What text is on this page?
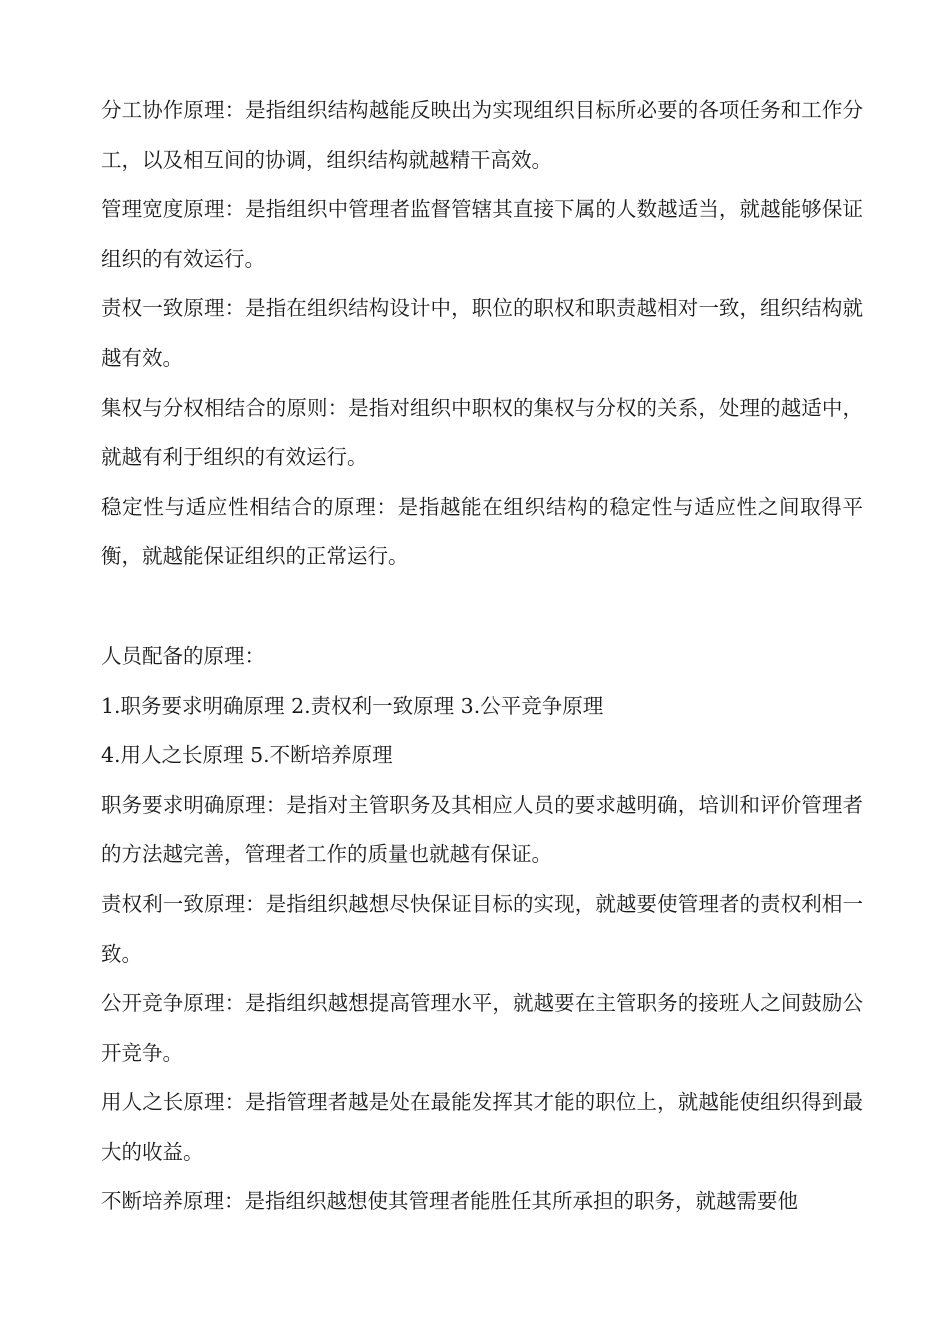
分工协作原理：是指组织结构越能反映出为实现组织目标所必要的各项任务和工作分工，以及相互间的协调，组织结构就越精干高效。

管理宽度原理：是指组织中管理者监督管辖其直接下属的人数越适当，就越能够保证组织的有效运行。

责权一致原理：是指在组织结构设计中，职位的职权和职责越相对一致，组织结构就越有效。

集权与分权相结合的原则：是指对组织中职权的集权与分权的关系，处理的越适中，就越有利于组织的有效运行。

稳定性与适应性相结合的原理：是指越能在组织结构的稳定性与适应性之间取得平衡，就越能保证组织的正常运行。

人员配备的原理：

1.职务要求明确原理 2.责权利一致原理 3.公平竞争原理

4.用人之长原理 5.不断培养原理

职务要求明确原理：是指对主管职务及其相应人员的要求越明确，培训和评价管理者的方法越完善，管理者工作的质量也就越有保证。

责权利一致原理：是指组织越想尽快保证目标的实现，就越要使管理者的责权利相一致。

公开竞争原理：是指组织越想提高管理水平，就越要在主管职务的接班人之间鼓励公开竞争。

用人之长原理：是指管理者越是处在最能发挥其才能的职位上，就越能使组织得到最大的收益。

不断培养原理：是指组织越想使其管理者能胜任其所承担的职务，就越需要他
